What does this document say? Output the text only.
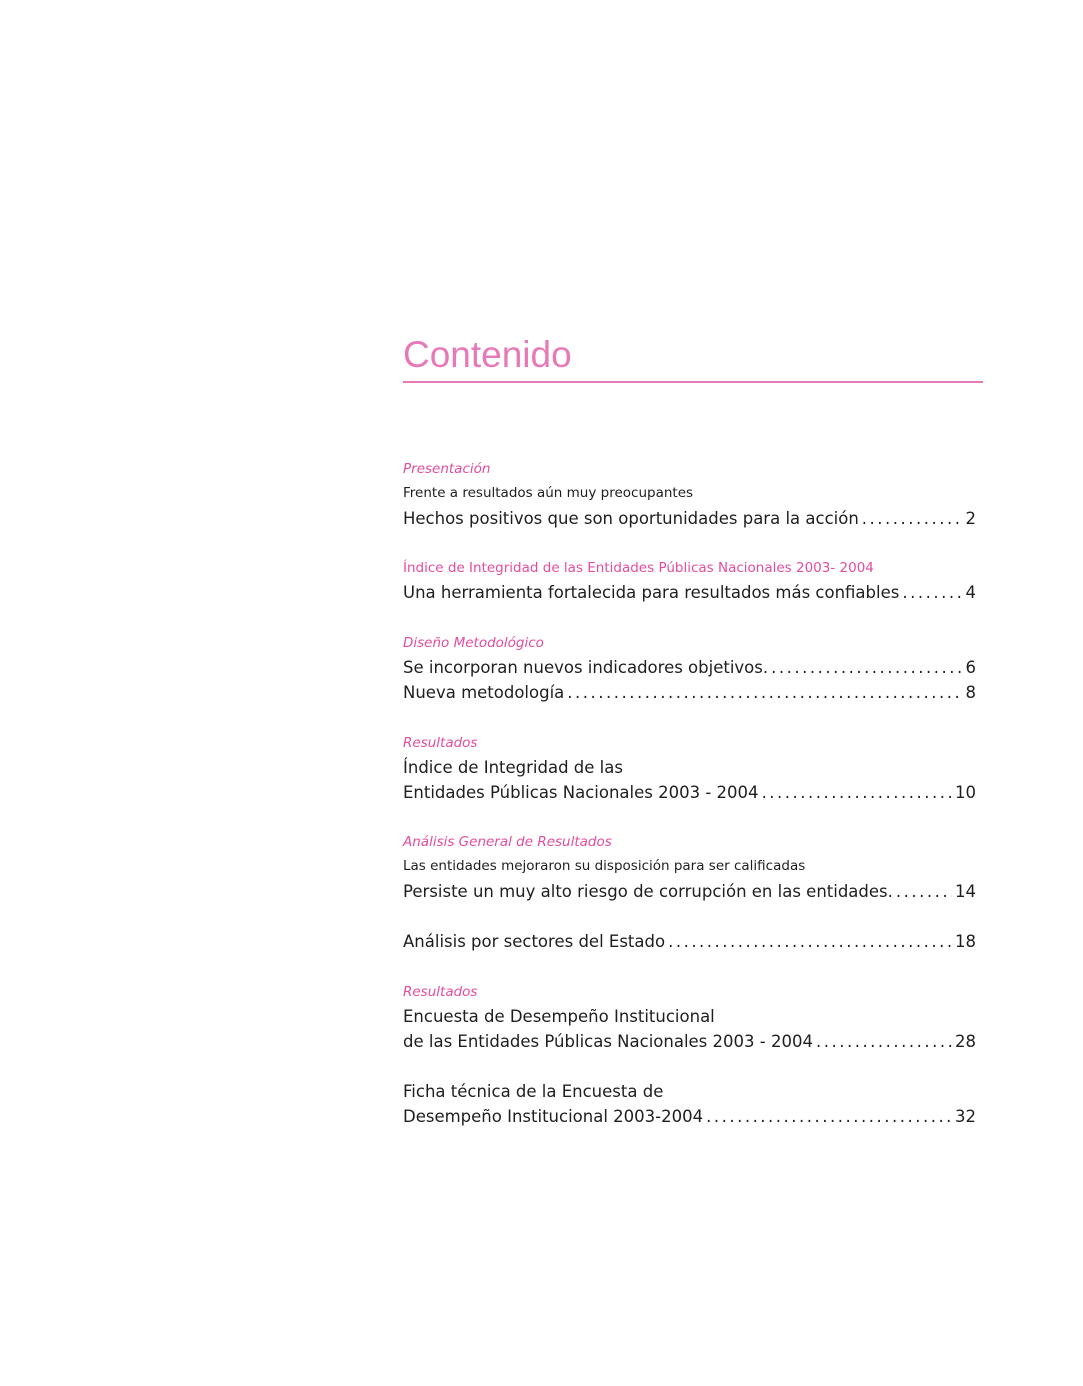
Contenido
Presentación
Frente a resultados aún muy preocupantes
Hechos positivos que son oportunidades para la acción .....	2
Índice de Integridad de las Entidades Públicas Nacionales 2003- 2004
Una herramienta fortalecida para resultados más confiables .....	4
Diseño Metodológico
Se incorporan nuevos indicadores objetivos. .....	6
Nueva metodología .....	8
Resultados
Índice de Integridad de las
Entidades Públicas Nacionales 2003 - 2004 .....	10
Análisis General de Resultados
Las entidades mejoraron su disposición para ser calificadas
Persiste un muy alto riesgo de corrupción en las entidades. .....	14
Análisis por sectores del Estado .....	18
Resultados
Encuesta de Desempeño Institucional
de las Entidades Públicas Nacionales 2003 - 2004 .....	28
Ficha técnica de la Encuesta de
Desempeño Institucional 2003-2004 .....	32
